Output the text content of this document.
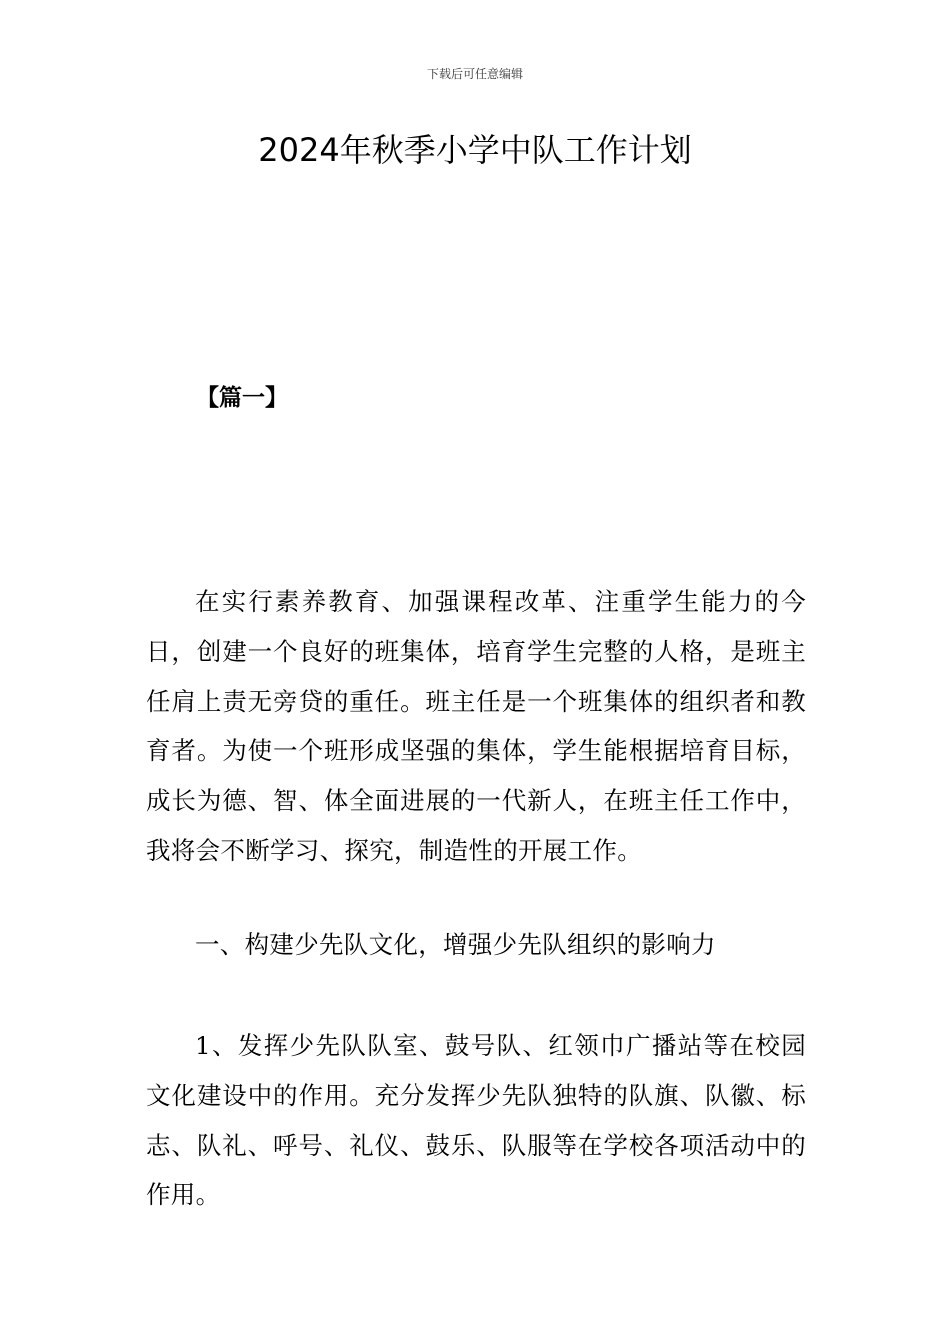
下载后可任意编辑
2024年秋季小学中队工作计划
【篇一】

在实行素养教育、加强课程改革、注重学生能力的今日，创建一个良好的班集体，培育学生完整的人格，是班主任肩上责无旁贷的重任。班主任是一个班集体的组织者和教育者。为使一个班形成坚强的集体，学生能根据培育目标，成长为德、智、体全面进展的一代新人，在班主任工作中，我将会不断学习、探究，制造性的开展工作。

一、构建少先队文化，增强少先队组织的影响力

1、发挥少先队队室、鼓号队、红领巾广播站等在校园文化建设中的作用。充分发挥少先队独特的队旗、队徽、标志、队礼、呼号、礼仪、鼓乐、队服等在学校各项活动中的作用。
